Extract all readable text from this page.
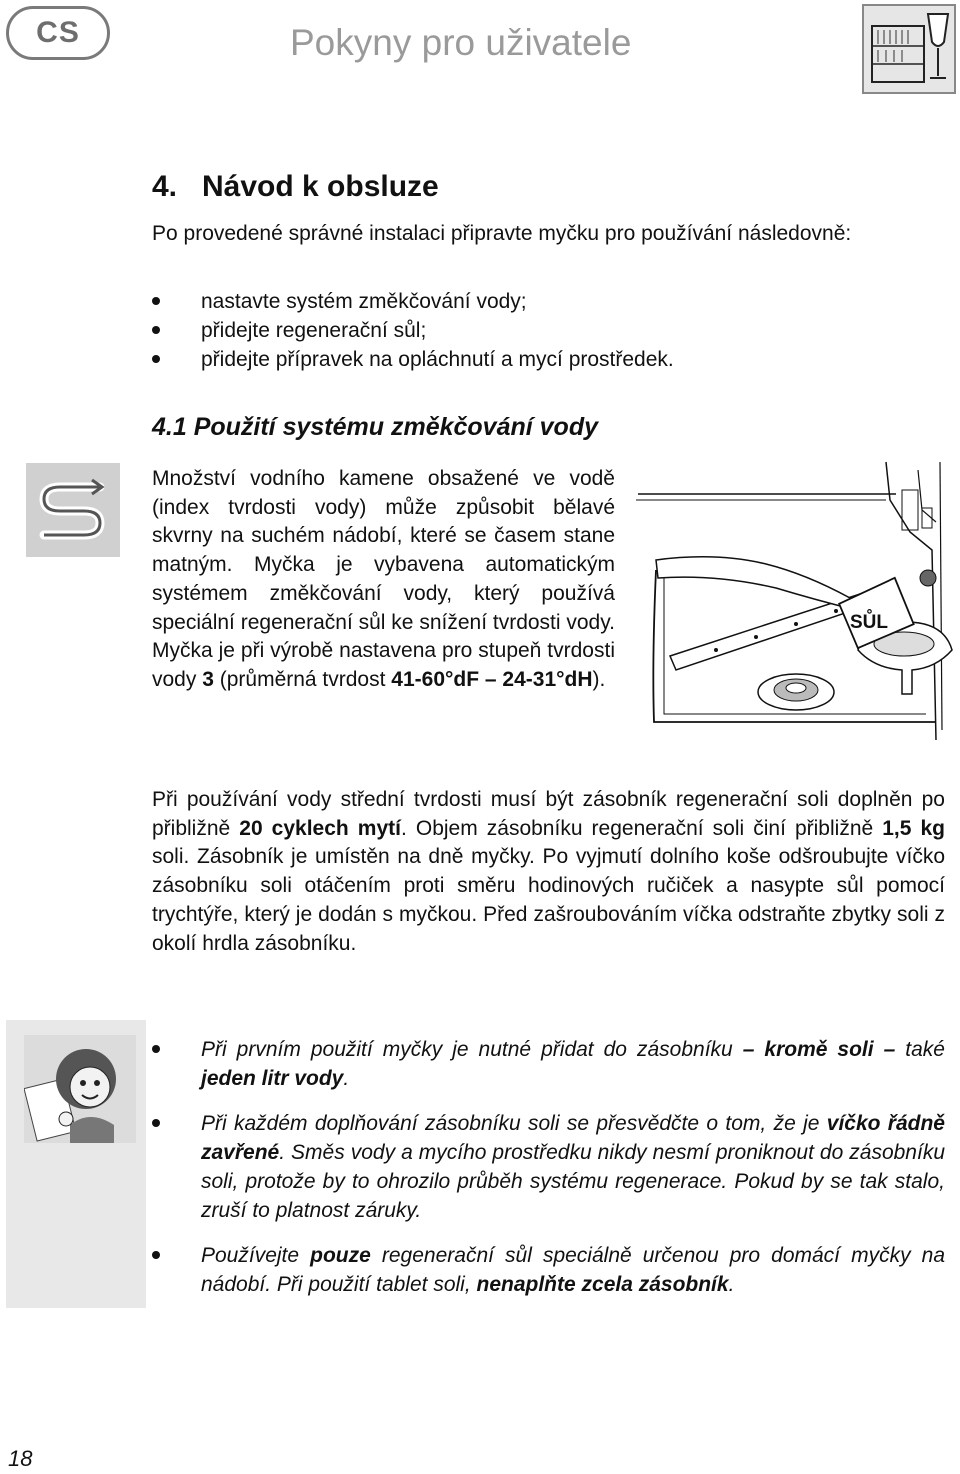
CS	Pokyny pro uživatele
4. Návod k obsluze
Po provedené správné instalaci připravte myčku pro používání následovně:
nastavte systém změkčování vody;
přidejte regenerační sůl;
přidejte přípravek na opláchnutí a mycí prostředek.
4.1 Použití systému změkčování vody
Množství vodního kamene obsažené ve vodě (index tvrdosti vody) může způsobit bělavé skvrny na suchém nádobí, které se časem stane matným. Myčka je vybavena automatickým systémem změkčování vody, který používá speciální regenerační sůl ke snížení tvrdosti vody.
Myčka je při výrobě nastavena pro stupeň tvrdosti vody 3 (průměrná tvrdost 41-60°dF – 24-31°dH).
SŮL
Při používání vody střední tvrdosti musí být zásobník regenerační soli doplněn po přibližně 20 cyklech mytí. Objem zásobníku regenerační soli činí přibližně 1,5 kg soli. Zásobník je umístěn na dně myčky. Po vyjmutí dolního koše odšroubujte víčko zásobníku soli otáčením proti směru hodinových ručiček a nasypte sůl pomocí trychtýře, který je dodán s myčkou. Před zašroubováním víčka odstraňte zbytky soli z okolí hrdla zásobníku.
Při prvním použití myčky je nutné přidat do zásobníku – kromě soli – také jeden litr vody.
Při každém doplňování zásobníku soli se přesvědčte o tom, že je víčko řádně zavřené. Směs vody a mycího prostředku nikdy nesmí proniknout do zásobníku soli, protože by to ohrozilo průběh systému regenerace. Pokud by se tak stalo, zruší to platnost záruky.
Používejte pouze regenerační sůl speciálně určenou pro domácí myčky na nádobí. Při použití tablet soli, nenaplňte zcela zásobník.
18
